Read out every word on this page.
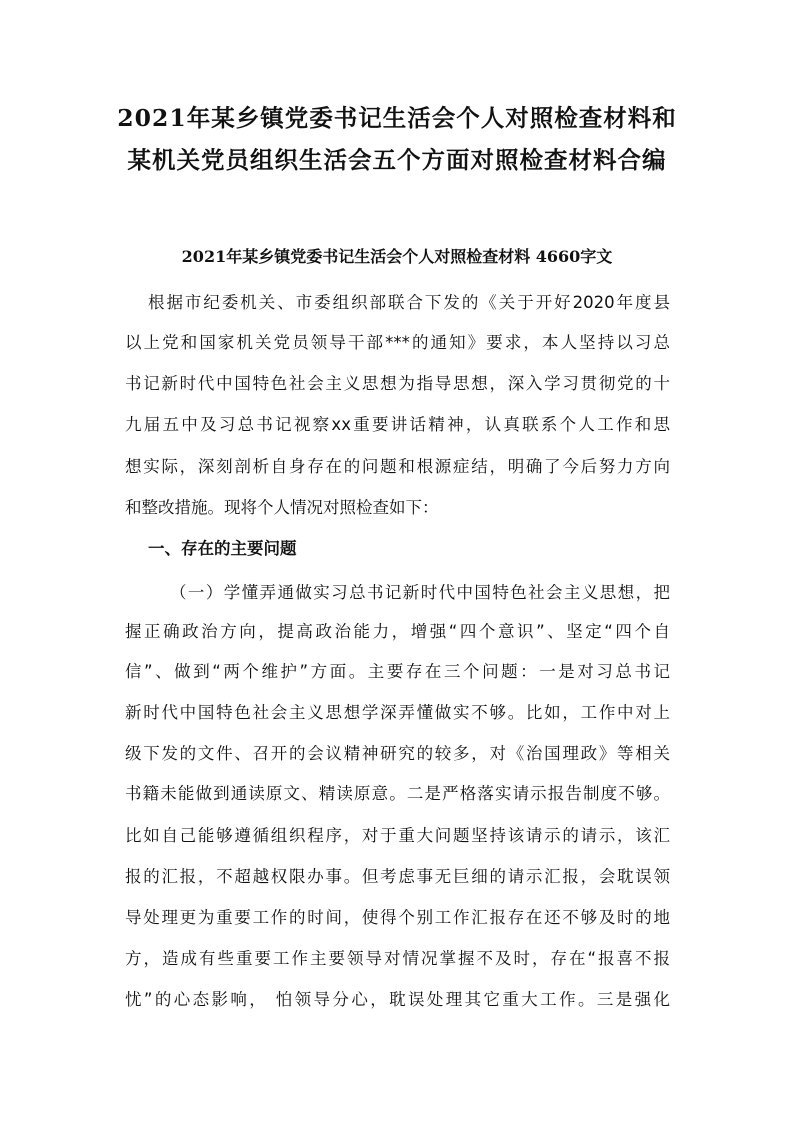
2021年某乡镇党委书记生活会个人对照检查材料和
某机关党员组织生活会五个方面对照检查材料合编
2021年某乡镇党委书记生活会个人对照检查材料 4660字文
根据市纪委机关、市委组织部联合下发的《关于开好2020年度县
以上党和国家机关党员领导干部***的通知》要求，本人坚持以习总
书记新时代中国特色社会主义思想为指导思想，深入学习贯彻党的十
九届五中及习总书记视察xx重要讲话精神，认真联系个人工作和思
想实际，深刻剖析自身存在的问题和根源症结，明确了今后努力方向
和整改措施。现将个人情况对照检查如下：
一、存在的主要问题
（一）学懂弄通做实习总书记新时代中国特色社会主义思想，把
握正确政治方向，提高政治能力，增强“四个意识”、坚定“四个自
信”、做到“两个维护”方面。主要存在三个问题：一是对习总书记
新时代中国特色社会主义思想学深弄懂做实不够。比如，工作中对上
级下发的文件、召开的会议精神研究的较多，对《治国理政》等相关
书籍未能做到通读原文、精读原意。二是严格落实请示报告制度不够。
比如自己能够遵循组织程序，对于重大问题坚持该请示的请示，该汇
报的汇报，不超越权限办事。但考虑事无巨细的请示汇报，会耽误领
导处理更为重要工作的时间，使得个别工作汇报存在还不够及时的地
方，造成有些重要工作主要领导对情况掌握不及时，存在“报喜不报
忧”的心态影响， 怕领导分心，耽误处理其它重大工作。三是强化
